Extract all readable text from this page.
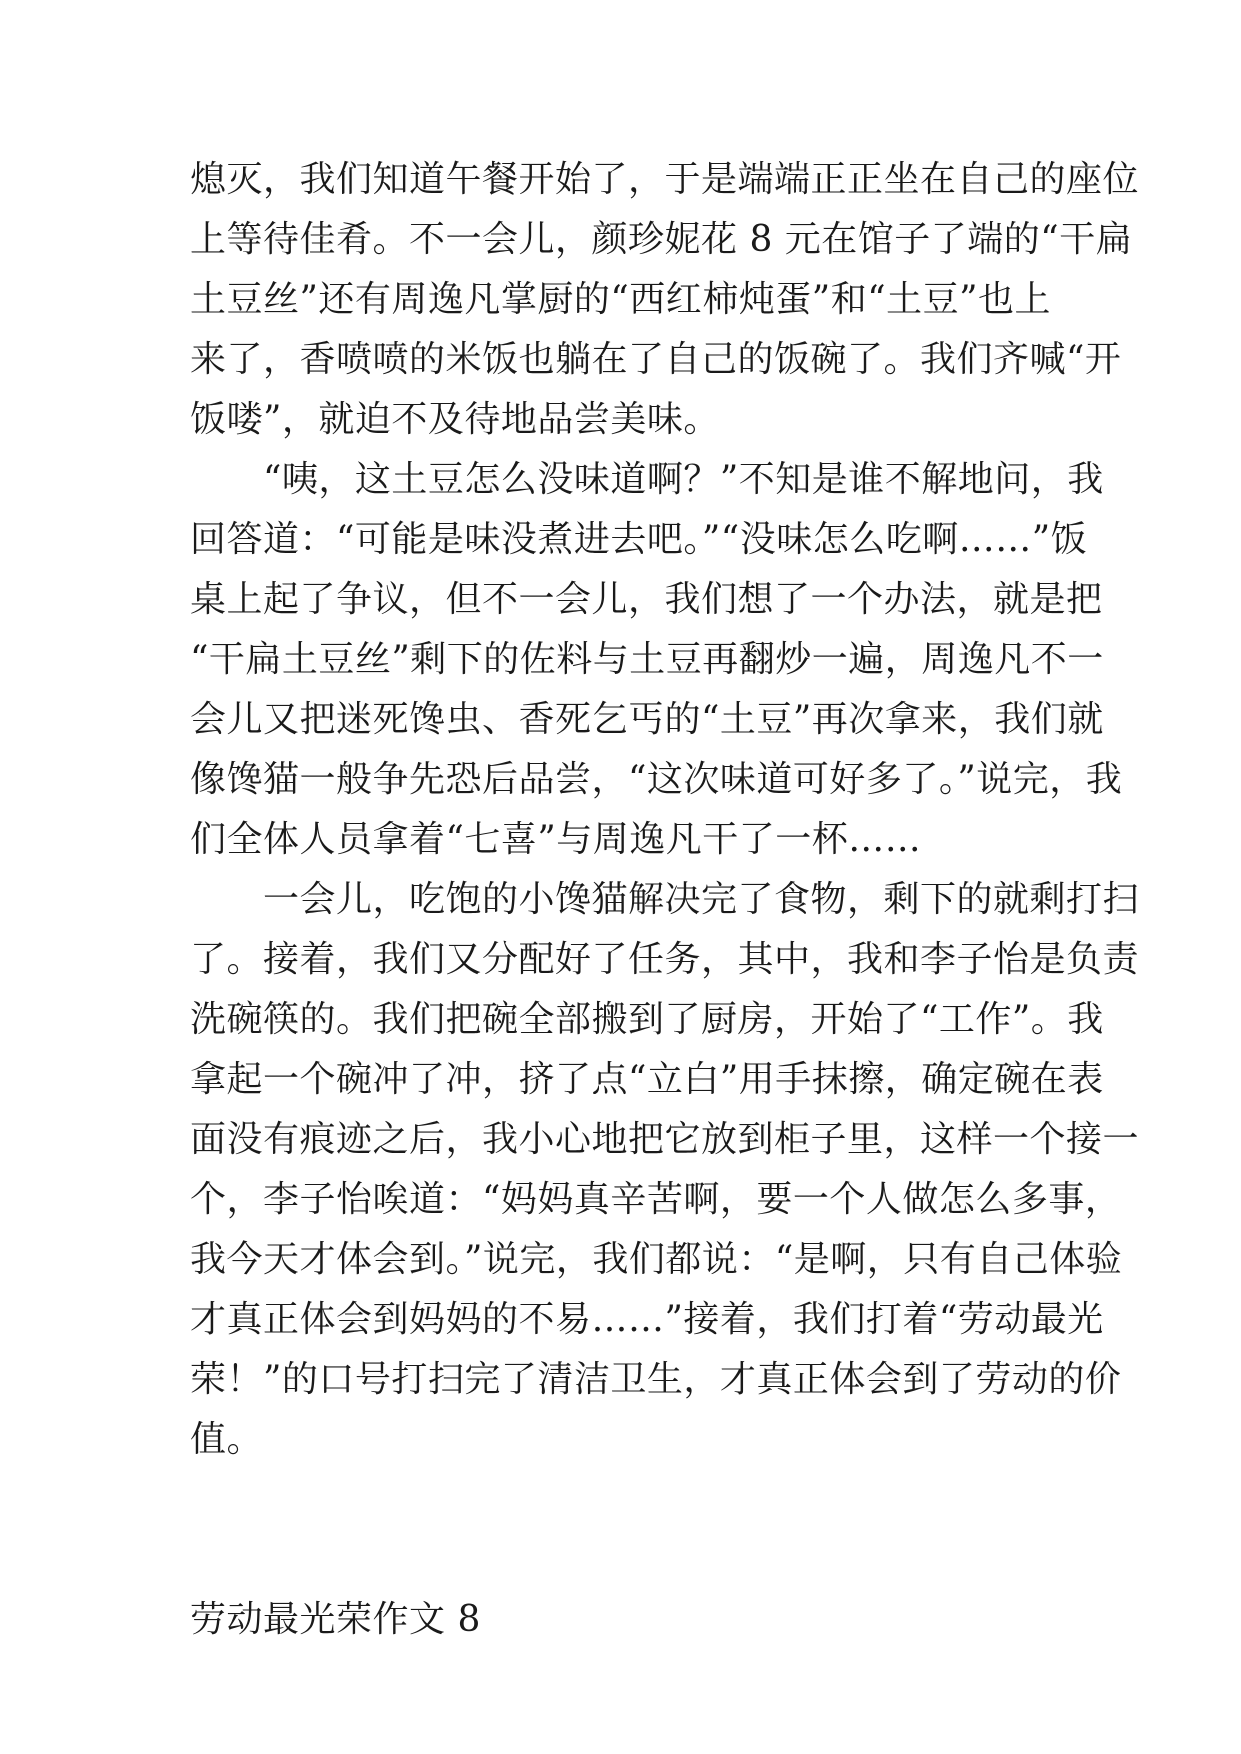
熄灭，我们知道午餐开始了，于是端端正正坐在自己的座位
上等待佳肴。不一会儿，颜珍妮花 8 元在馆子了端的“干扁
土豆丝”还有周逸凡掌厨的“西红柿炖蛋”和“土豆”也上
来了，香喷喷的米饭也躺在了自己的饭碗了。我们齐喊“开
饭喽”，就迫不及待地品尝美味。
　　“咦，这土豆怎么没味道啊？”不知是谁不解地问，我
回答道：“可能是味没煮进去吧。”“没味怎么吃啊……”饭
桌上起了争议，但不一会儿，我们想了一个办法，就是把
“干扁土豆丝”剩下的佐料与土豆再翻炒一遍，周逸凡不一
会儿又把迷死馋虫、香死乞丐的“土豆”再次拿来，我们就
像馋猫一般争先恐后品尝，“这次味道可好多了。”说完，我
们全体人员拿着“七喜”与周逸凡干了一杯……
　　一会儿，吃饱的小馋猫解决完了食物，剩下的就剩打扫
了。接着，我们又分配好了任务，其中，我和李子怡是负责
洗碗筷的。我们把碗全部搬到了厨房，开始了“工作”。我
拿起一个碗冲了冲，挤了点“立白”用手抹擦，确定碗在表
面没有痕迹之后，我小心地把它放到柜子里，这样一个接一
个，李子怡唉道：“妈妈真辛苦啊，要一个人做怎么多事，
我今天才体会到。”说完，我们都说：“是啊，只有自己体验
才真正体会到妈妈的不易……”接着，我们打着“劳动最光
荣！”的口号打扫完了清洁卫生，才真正体会到了劳动的价
值。
劳动最光荣作文 8
